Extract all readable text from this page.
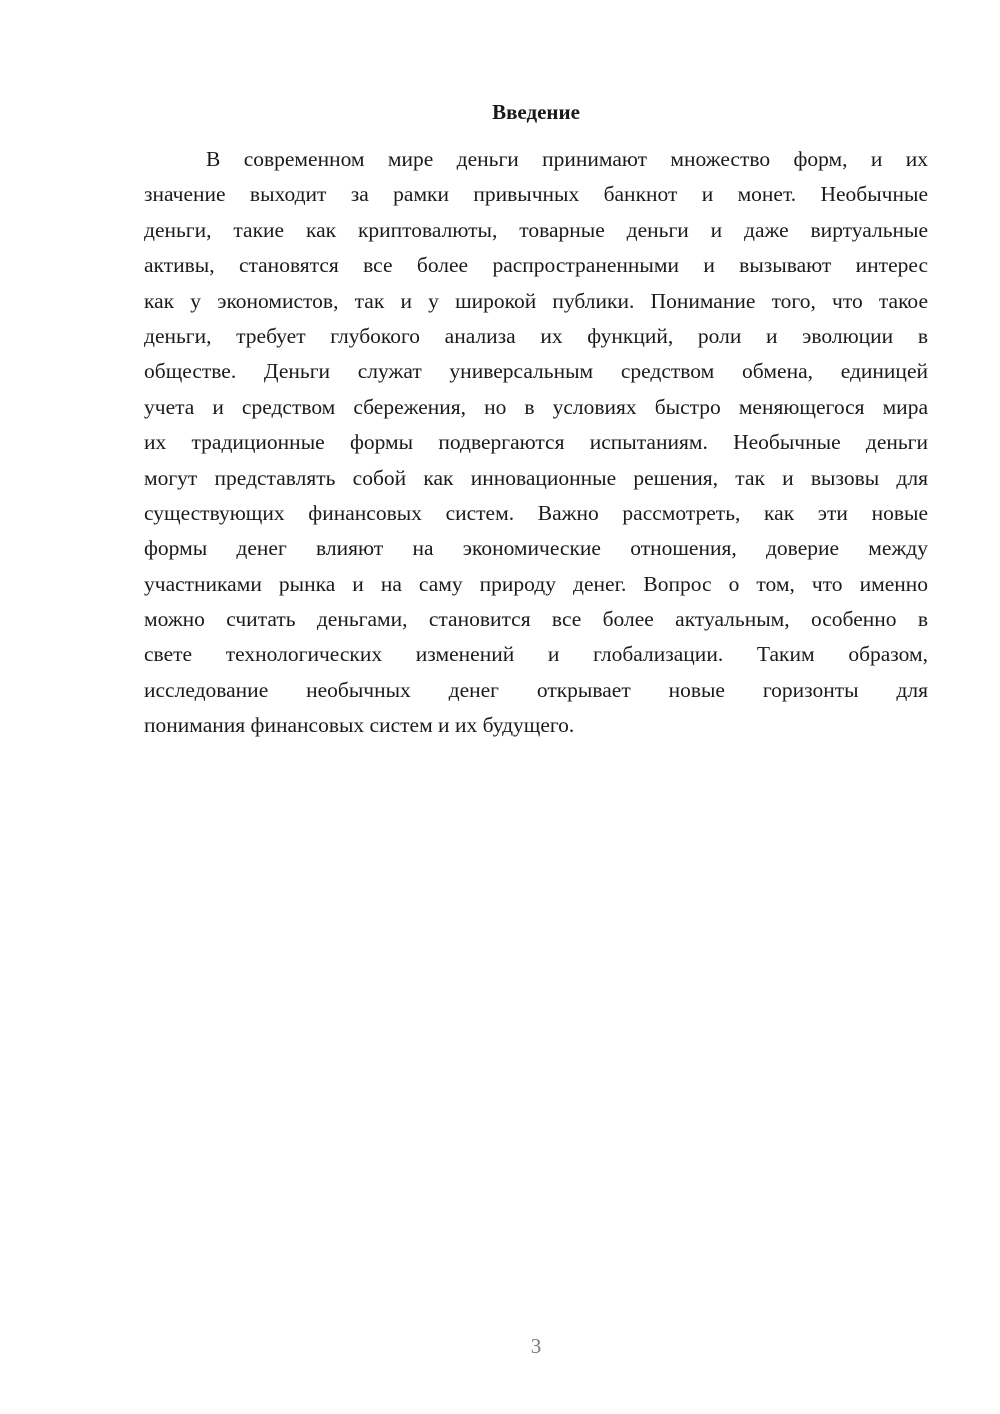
Введение
В современном мире деньги принимают множество форм, и их
значение выходит за рамки привычных банкнот и монет. Необычные
деньги, такие как криптовалюты, товарные деньги и даже виртуальные
активы, становятся все более распространенными и вызывают интерес
как у экономистов, так и у широкой публики. Понимание того, что такое
деньги, требует глубокого анализа их функций, роли и эволюции в
обществе. Деньги служат универсальным средством обмена, единицей
учета и средством сбережения, но в условиях быстро меняющегося мира
их традиционные формы подвергаются испытаниям. Необычные деньги
могут представлять собой как инновационные решения, так и вызовы для
существующих финансовых систем. Важно рассмотреть, как эти новые
формы денег влияют на экономические отношения, доверие между
участниками рынка и на саму природу денег. Вопрос о том, что именно
можно считать деньгами, становится все более актуальным, особенно в
свете технологических изменений и глобализации. Таким образом,
исследование необычных денег открывает новые горизонты для
понимания финансовых систем и их будущего.
3
